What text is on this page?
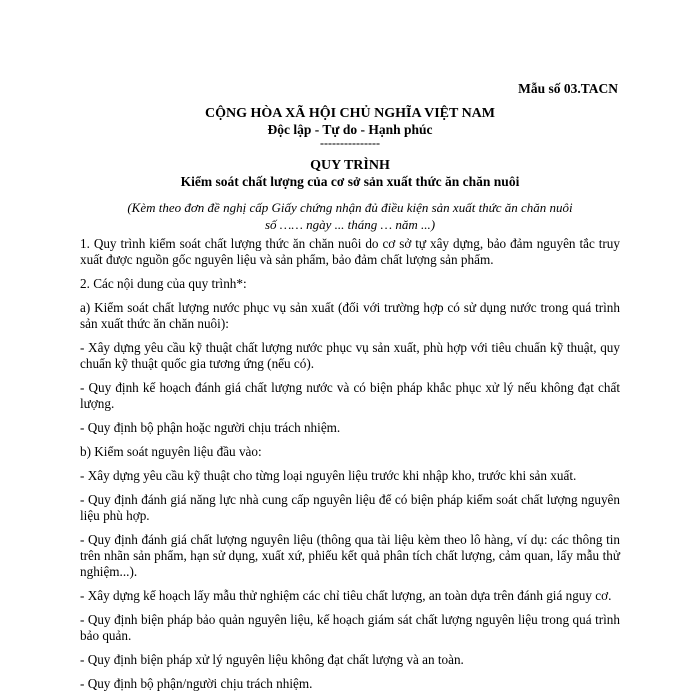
Mẫu số 03.TACN
CỘNG HÒA XÃ HỘI CHỦ NGHĨA VIỆT NAM
Độc lập - Tự do - Hạnh phúc
---------------
QUY TRÌNH
Kiểm soát chất lượng của cơ sở sản xuất thức ăn chăn nuôi
(Kèm theo đơn đề nghị cấp Giấy chứng nhận đủ điều kiện sản xuất thức ăn chăn nuôi
số …… ngày ... tháng … năm ...)

1. Quy trình kiểm soát chất lượng thức ăn chăn nuôi do cơ sở tự xây dựng, bảo đảm nguyên tắc truy xuất được nguồn gốc nguyên liệu và sản phẩm, bảo đảm chất lượng sản phẩm.

2. Các nội dung của quy trình*:

a) Kiểm soát chất lượng nước phục vụ sản xuất (đối với trường hợp có sử dụng nước trong quá trình sản xuất thức ăn chăn nuôi):

- Xây dựng yêu cầu kỹ thuật chất lượng nước phục vụ sản xuất, phù hợp với tiêu chuẩn kỹ thuật, quy chuẩn kỹ thuật quốc gia tương ứng (nếu có).

- Quy định kế hoạch đánh giá chất lượng nước và có biện pháp khắc phục xử lý nếu không đạt chất lượng.

- Quy định bộ phận hoặc người chịu trách nhiệm.

b) Kiểm soát nguyên liệu đầu vào:

- Xây dựng yêu cầu kỹ thuật cho từng loại nguyên liệu trước khi nhập kho, trước khi sản xuất.

- Quy định đánh giá năng lực nhà cung cấp nguyên liệu để có biện pháp kiểm soát chất lượng nguyên liệu phù hợp.

- Quy định đánh giá chất lượng nguyên liệu (thông qua tài liệu kèm theo lô hàng, ví dụ: các thông tin trên nhãn sản phẩm, hạn sử dụng, xuất xứ, phiếu kết quả phân tích chất lượng, cảm quan, lấy mẫu thử nghiệm...).

- Xây dựng kế hoạch lấy mẫu thử nghiệm các chỉ tiêu chất lượng, an toàn dựa trên đánh giá nguy cơ.

- Quy định biện pháp bảo quản nguyên liệu, kế hoạch giám sát chất lượng nguyên liệu trong quá trình bảo quản.

- Quy định biện pháp xử lý nguyên liệu không đạt chất lượng và an toàn.

- Quy định bộ phận/người chịu trách nhiệm.
